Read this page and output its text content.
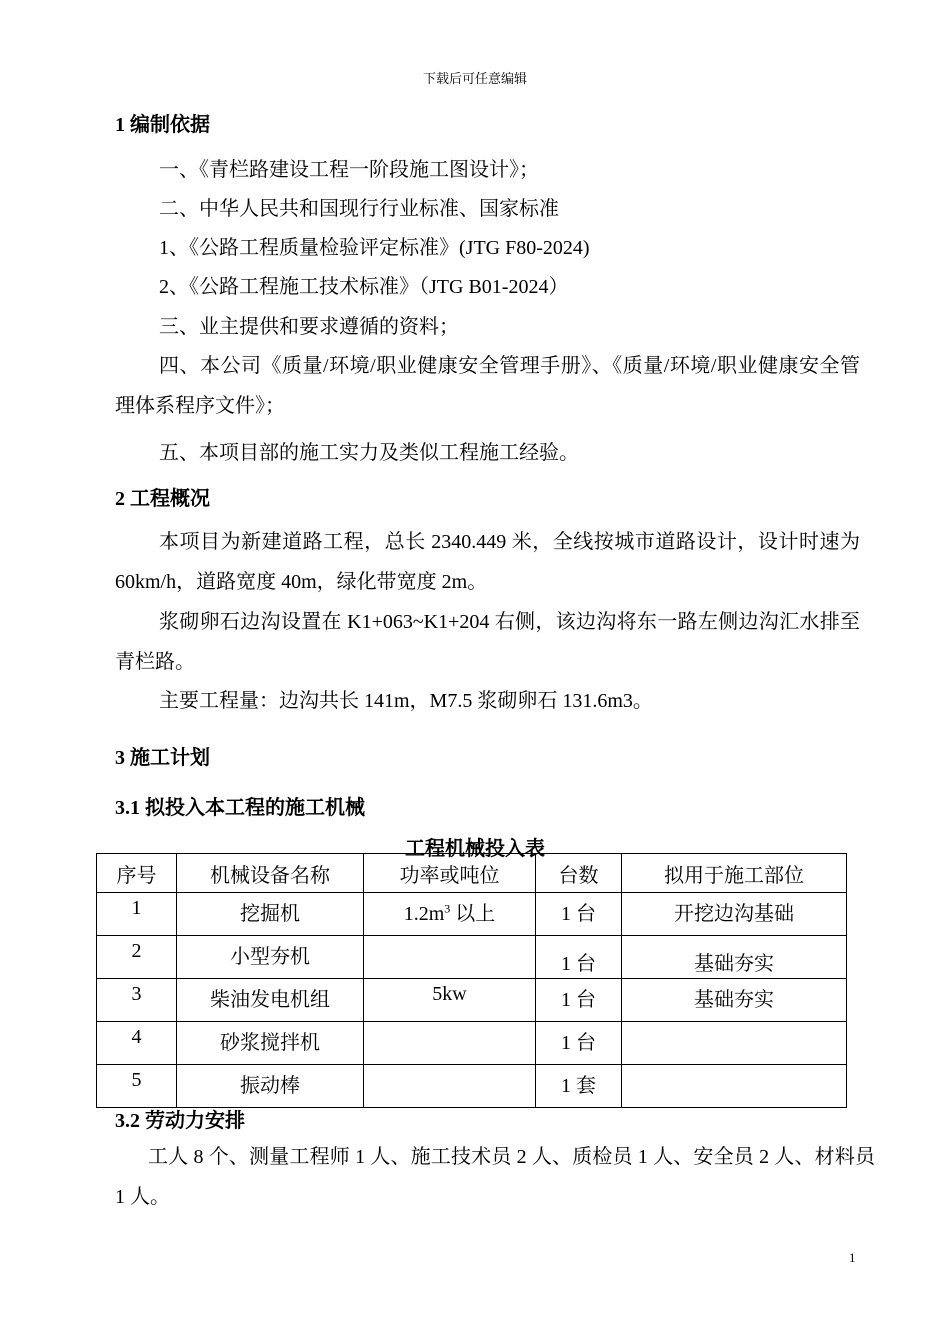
下载后可任意编辑
1 编制依据

一、《青栏路建设工程一阶段施工图设计》；

二、中华人民共和国现行行业标准、国家标准

1、《公路工程质量检验评定标准》(JTG F80-2024)

2、《公路工程施工技术标准》（JTG B01-2024）

三、业主提供和要求遵循的资料；

四、本公司《质量/环境/职业健康安全管理手册》、《质量/环境/职业健康安全管理体系程序文件》；

五、本项目部的施工实力及类似工程施工经验。

2 工程概况

本项目为新建道路工程，总长 2340.449 米，全线按城市道路设计，设计时速为 60km/h，道路宽度 40m，绿化带宽度 2m。

浆砌卵石边沟设置在 K1+063~K1+204 右侧，该边沟将东一路左侧边沟汇水排至青栏路。

主要工程量：边沟共长 141m，M7.5 浆砌卵石 131.6m3。

3 施工计划
3.1 拟投入本工程的施工机械
工程机械投入表
序号	机械设备名称	功率或吨位	台数	拟用于施工部位
1	挖掘机	$1.2m^3$ 以上	1 台	开挖边沟基础
2	小型夯机		1 台	基础夯实
3	柴油发电机组	5kw	1 台	基础夯实
4	砂浆搅拌机		1 台	
5	振动棒		1 套	
3.2 劳动力安排

工人 8 个、测量工程师 1 人、施工技术员 2 人、质检员 1 人、安全员 2 人、材料员 1 人。

1
